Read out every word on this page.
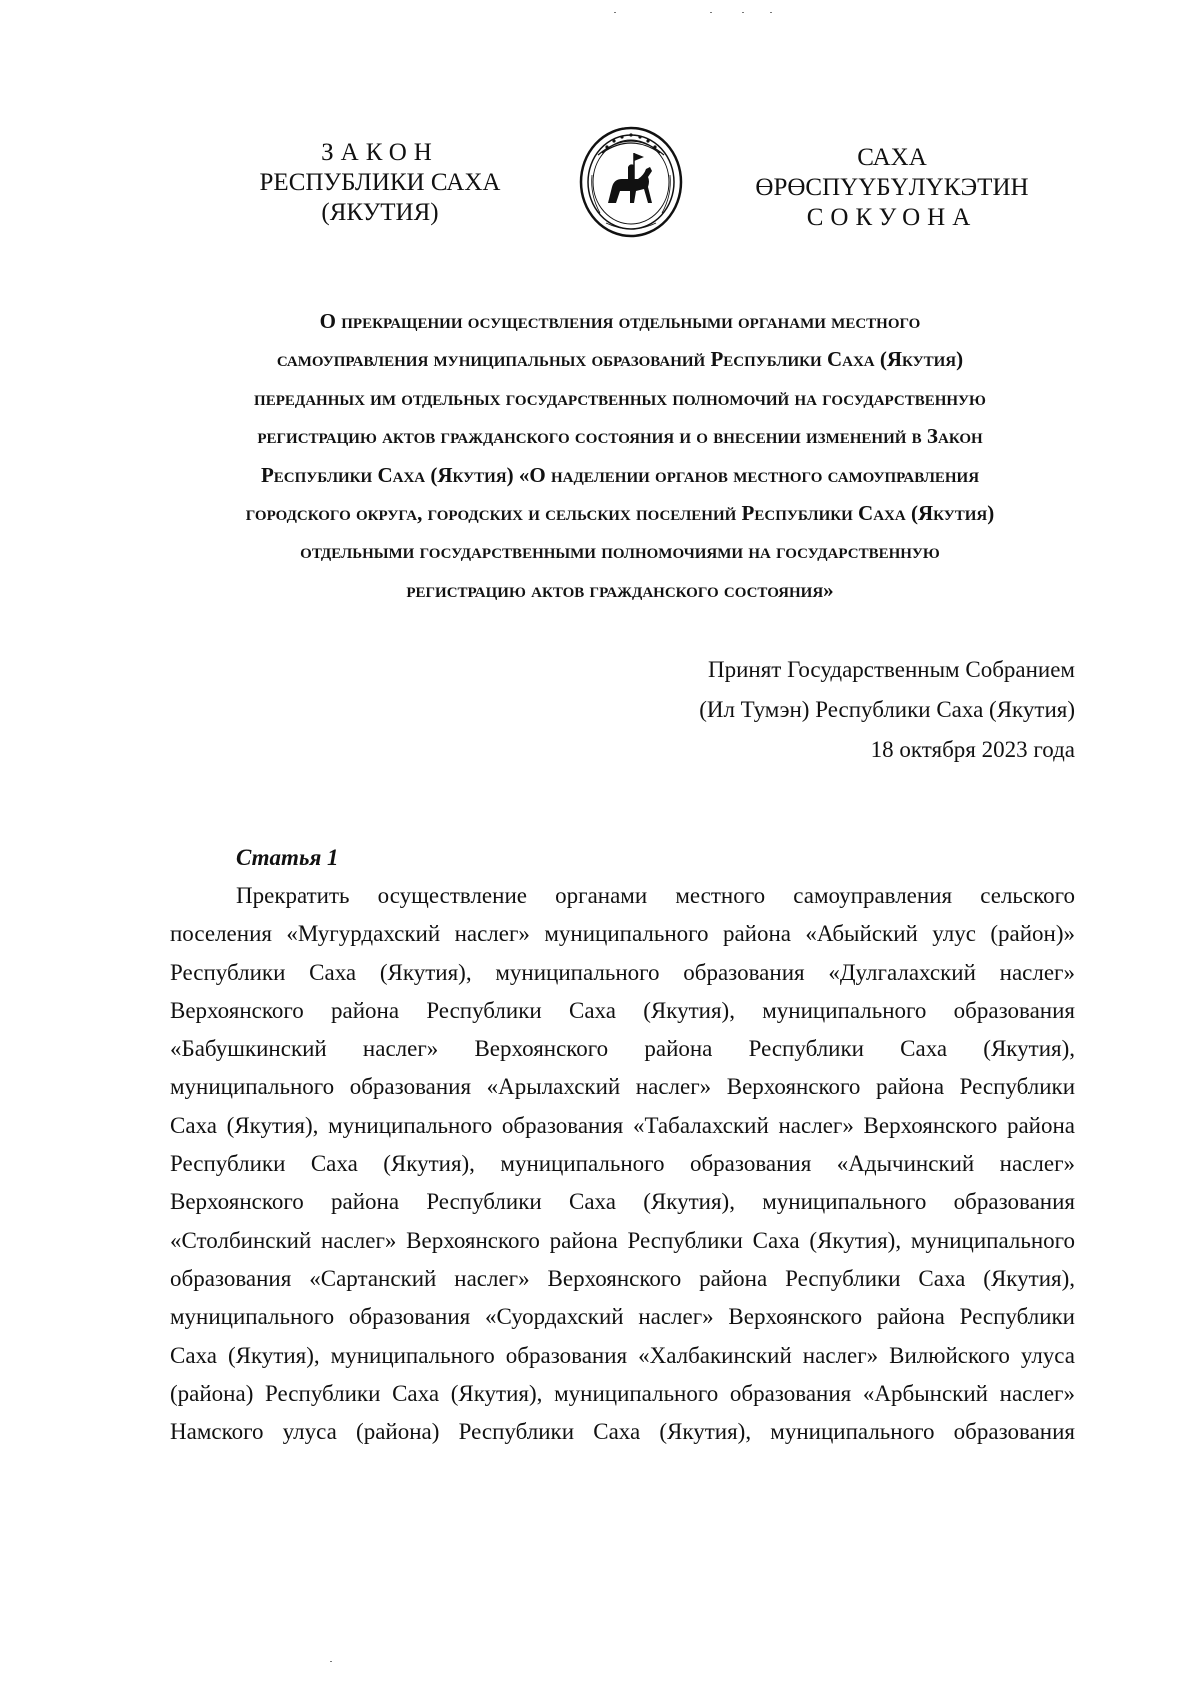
ЗАКОН
РЕСПУБЛИКИ САХА (ЯКУТИЯ)
САХА ӨРӨСПҮҮБҮЛҮКЭТИН
СОКУОНА

О прекращении осуществления отдельными органами местного

самоуправления муниципальных образований Республики Саха (Якутия)

переданных им отдельных государственных полномочий на государственную

регистрацию актов гражданского состояния и о внесении изменений в Закон

Республики Саха (Якутия) «О наделении органов местного самоуправления

городского округа, городских и сельских поселений Республики Саха (Якутия)

отдельными государственными полномочиями на государственную

регистрацию актов гражданского состояния»

Принят Государственным Собранием

(Ил Тумэн) Республики Саха (Якутия)

18 октября 2023 года

Статья 1
Прекратить осуществление органами местного самоуправления сельского
поселения «Мугурдахский наслег» муниципального района «Абыйский улус (район)»
Республики Саха (Якутия), муниципального образования «Дулгалахский наслег»
Верхоянского района Республики Саха (Якутия), муниципального образования
«Бабушкинский наслег» Верхоянского района Республики Саха (Якутия),
муниципального образования «Арылахский наслег» Верхоянского района Республики
Саха (Якутия), муниципального образования «Табалахский наслег» Верхоянского района
Республики Саха (Якутия), муниципального образования «Адычинский наслег»
Верхоянского района Республики Саха (Якутия), муниципального образования
«Столбинский наслег» Верхоянского района Республики Саха (Якутия), муниципального
образования «Сартанский наслег» Верхоянского района Республики Саха (Якутия),
муниципального образования «Суордахский наслег» Верхоянского района Республики
Саха (Якутия), муниципального образования «Халбакинский наслег» Вилюйского улуса
(района) Республики Саха (Якутия), муниципального образования «Арбынский наслег»
Намского улуса (района) Республики Саха (Якутия), муниципального образования
